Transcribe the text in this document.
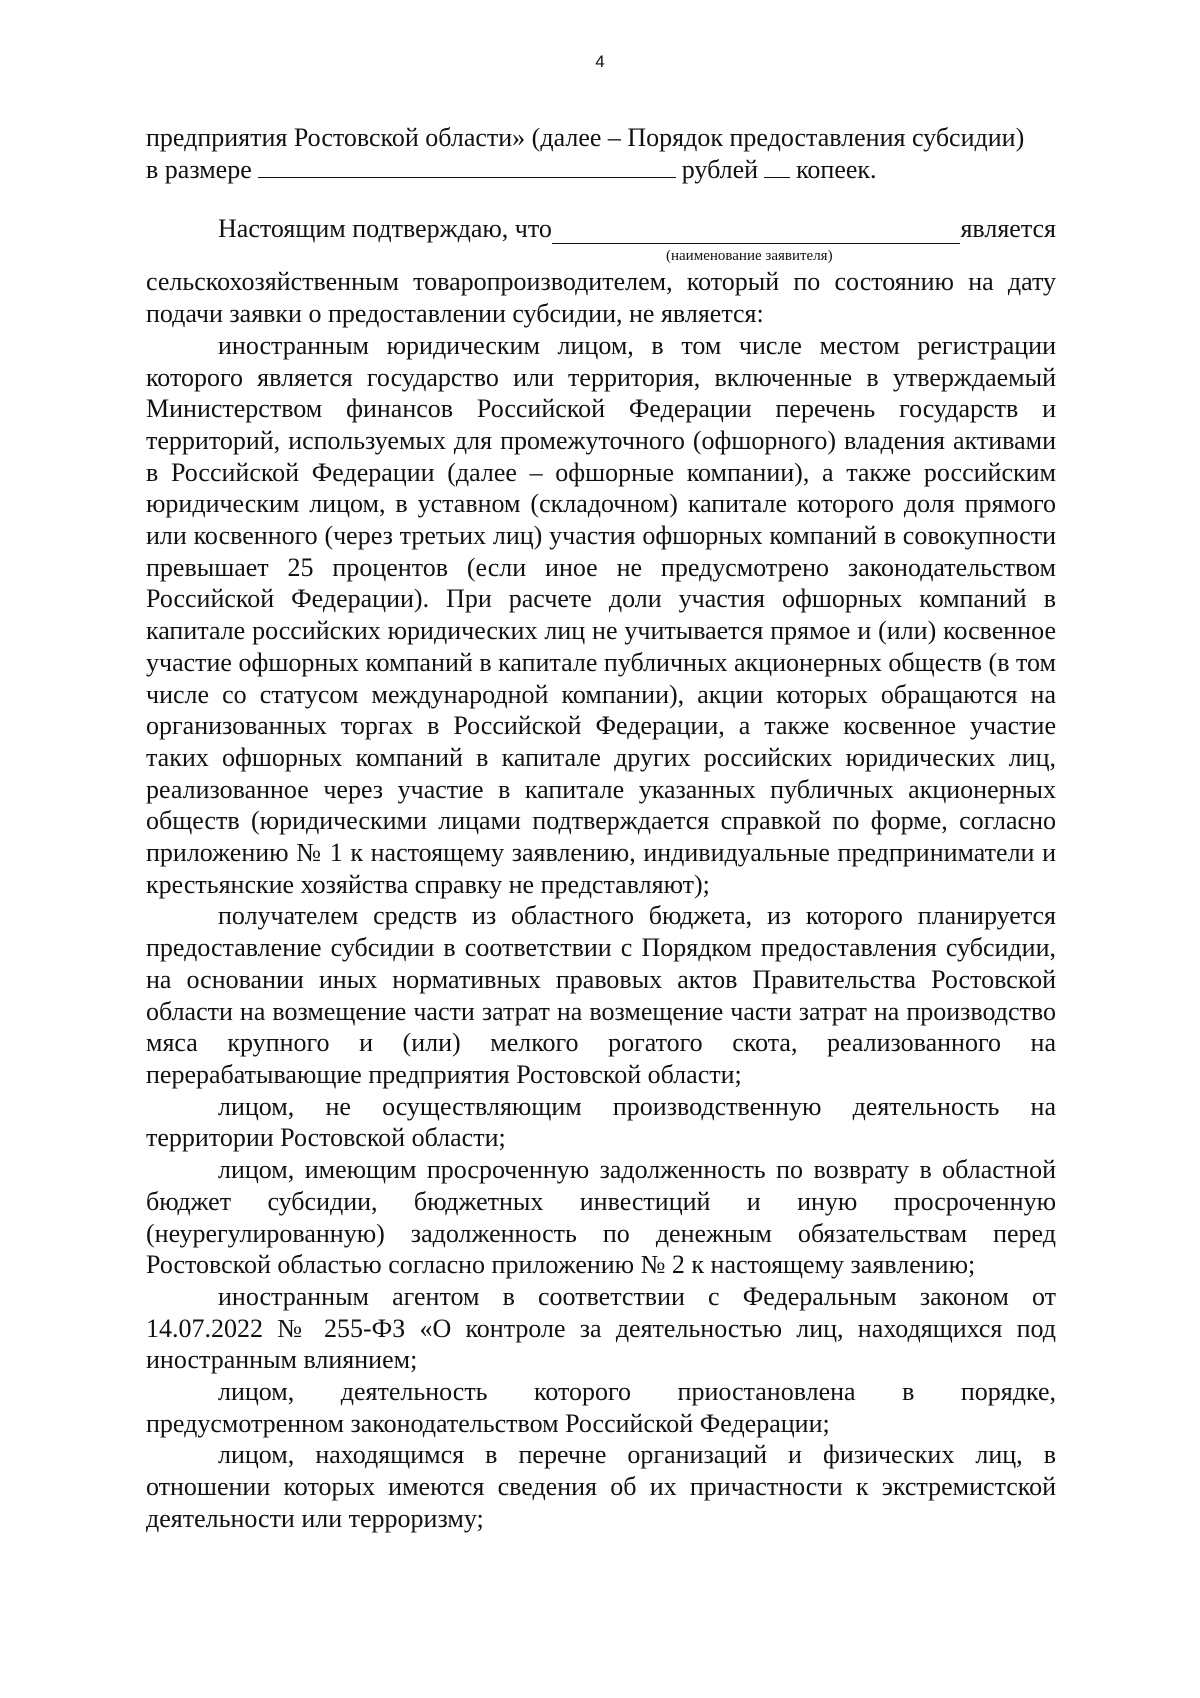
4

предприятия Ростовской области» (далее – Порядок предоставления субсидии)

в размере	рублей копеек.

Настоящим подтверждаю, что	является
(наименование заявителя)

сельскохозяйственным товаропроизводителем, который по состоянию на дату подачи заявки о предоставлении субсидии, не является:

иностранным юридическим лицом, в том числе местом регистрации которого является государство или территория, включенные в утверждаемый Министерством финансов Российской Федерации перечень государств и территорий, используемых для промежуточного (офшорного) владения активами в Российской Федерации (далее – офшорные компании), а также российским юридическим лицом, в уставном (складочном) капитале которого доля прямого или косвенного (через третьих лиц) участия офшорных компаний в совокупности превышает 25 процентов (если иное не предусмотрено законодательством Российской Федерации). При расчете доли участия офшорных компаний в капитале российских юридических лиц не учитывается прямое и (или) косвенное участие офшорных компаний в капитале публичных акционерных обществ (в том числе со статусом международной компании), акции которых обращаются на организованных торгах в Российской Федерации, а также косвенное участие таких офшорных компаний в капитале других российских юридических лиц, реализованное через участие в капитале указанных публичных акционерных обществ (юридическими лицами подтверждается справкой по форме, согласно приложению № 1 к настоящему заявлению, индивидуальные предприниматели и крестьянские хозяйства справку не представляют);

получателем средств из областного бюджета, из которого планируется предоставление субсидии в соответствии с Порядком предоставления субсидии, на основании иных нормативных правовых актов Правительства Ростовской области на возмещение части затрат на возмещение части затрат на производство мяса крупного и (или) мелкого рогатого скота, реализованного на перерабатывающие предприятия Ростовской области;

лицом, не осуществляющим производственную деятельность на территории Ростовской области;

лицом, имеющим просроченную задолженность по возврату в областной бюджет субсидии, бюджетных инвестиций и иную просроченную (неурегулированную) задолженность по денежным обязательствам перед Ростовской областью согласно приложению № 2 к настоящему заявлению;

иностранным агентом в соответствии с Федеральным законом от 14.07.2022 № 255-ФЗ «О контроле за деятельностью лиц, находящихся под иностранным влиянием;

лицом, деятельность которого приостановлена в порядке, предусмотренном законодательством Российской Федерации;

лицом, находящимся в перечне организаций и физических лиц, в отношении которых имеются сведения об их причастности к экстремистской деятельности или терроризму;
